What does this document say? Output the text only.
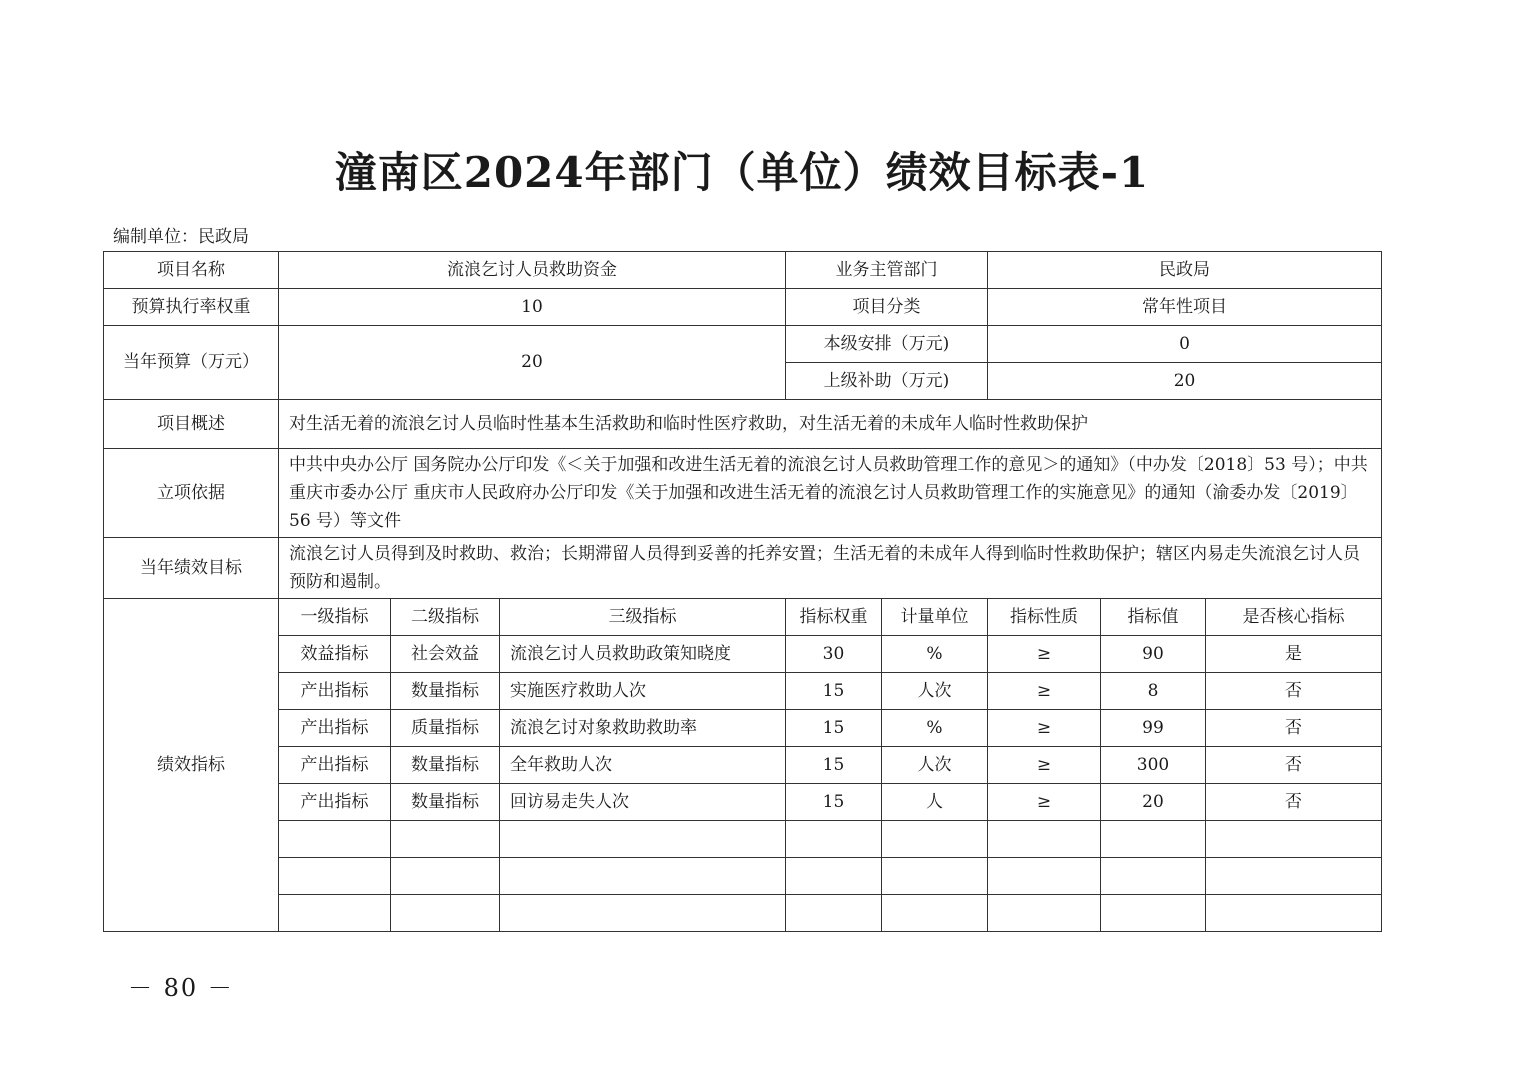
潼南区2024年部门（单位）绩效目标表-1
编制单位：民政局
项目名称	流浪乞讨人员救助资金			业务主管部门		民政局		
预算执行率权重	10			项目分类		常年性项目		
当年预算（万元）	20			本级安排（万元)		0		
				上级补助（万元)		20		
项目概述	对生活无着的流浪乞讨人员临时性基本生活救助和临时性医疗救助，对生活无着的未成年人临时性救助保护							
立项依据	中共中央办公厅 国务院办公厅印发《＜关于加强和改进生活无着的流浪乞讨人员救助管理工作的意见＞的通知》（中办发〔2018〕53 号）；中共重庆市委办公厅 重庆市人民政府办公厅印发《关于加强和改进生活无着的流浪乞讨人员救助管理工作的实施意见》的通知（渝委办发〔2019〕56 号）等文件							
当年绩效目标	流浪乞讨人员得到及时救助、救治；长期滞留人员得到妥善的托养安置；生活无着的未成年人得到临时性救助保护；辖区内易走失流浪乞讨人员预防和遏制。							
绩效指标	一级指标	二级指标	三级指标	指标权重	计量单位	指标性质	指标值	是否核心指标
	效益指标	社会效益	流浪乞讨人员救助政策知晓度	30	%	≥	90	是
	产出指标	数量指标	实施医疗救助人次	15	人次	≥	8	否
	产出指标	质量指标	流浪乞讨对象救助救助率	15	%	≥	99	否
	产出指标	数量指标	全年救助人次	15	人次	≥	300	否
	产出指标	数量指标	回访易走失人次	15	人	≥	20	否

－ 80 －
